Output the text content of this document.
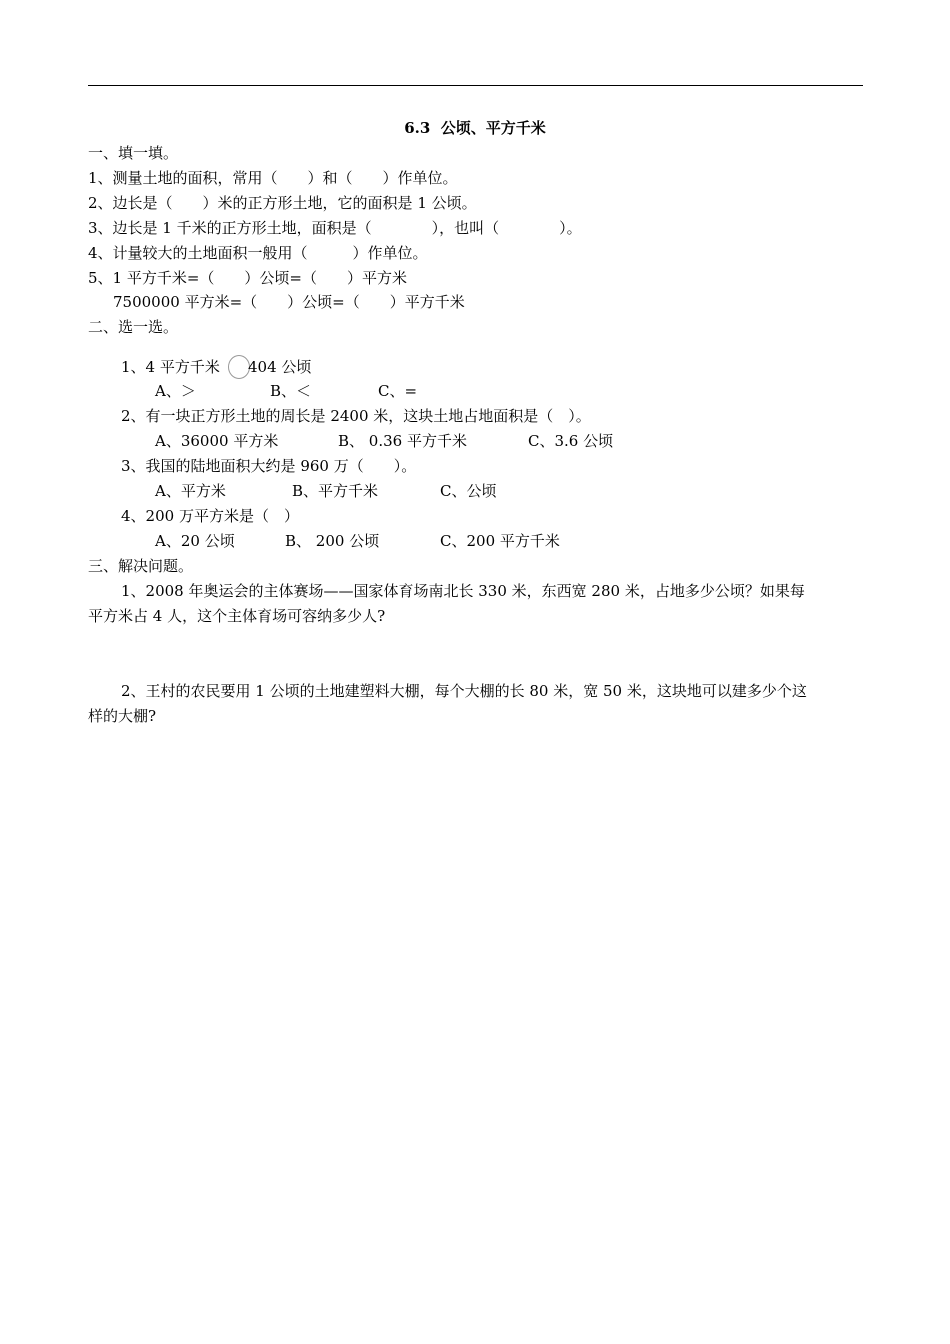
6.3  公顷、平方千米
一、填一填。
1、测量土地的面积，常用（　　）和（　　）作单位。
2、边长是（　　）米的正方形土地，它的面积是 1 公顷。
3、边长是 1 千米的正方形土地，面积是（　　　　），也叫（　　　　）。
4、计量较大的土地面积一般用（　　　）作单位。
5、1 平方千米=（　　）公顷=（　　）平方米
7500000 平方米=（　　）公顷=（　　）平方千米
二、选一选。
1、4 平方千米 404 公顷
A、＞	B、＜	C、=
2、有一块正方形土地的周长是 2400 米，这块土地占地面积是（　）。
A、36000 平方米	B、 0.36 平方千米	C、3.6 公顷
3、我国的陆地面积大约是 960 万（　　）。
A、平方米	B、平方千米	C、公顷
4、200 万平方米是（　）
A、20 公顷	B、 200 公顷	C、200 平方千米
三、解决问题。
1、2008 年奥运会的主体赛场——国家体育场南北长 330 米，东西宽 280 米，占地多少公顷？如果每
平方米占 4 人，这个主体育场可容纳多少人?
2、王村的农民要用 1 公顷的土地建塑料大棚，每个大棚的长 80 米，宽 50 米，这块地可以建多少个这
样的大棚?
